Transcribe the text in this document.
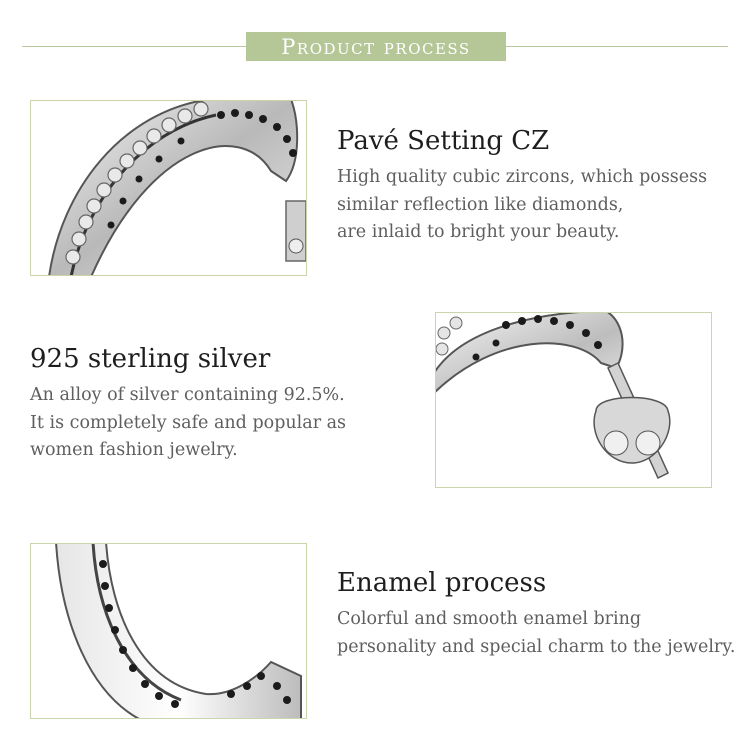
Product process
Pavé Setting CZ

High quality cubic zircons, which possess
similar reflection like diamonds,
are inlaid to bright your beauty.

925 sterling silver

An alloy of silver containing 92.5%.
It is completely safe and popular as
women fashion jewelry.

Enamel process

Colorful and smooth enamel bring
personality and special charm to the jewelry.
